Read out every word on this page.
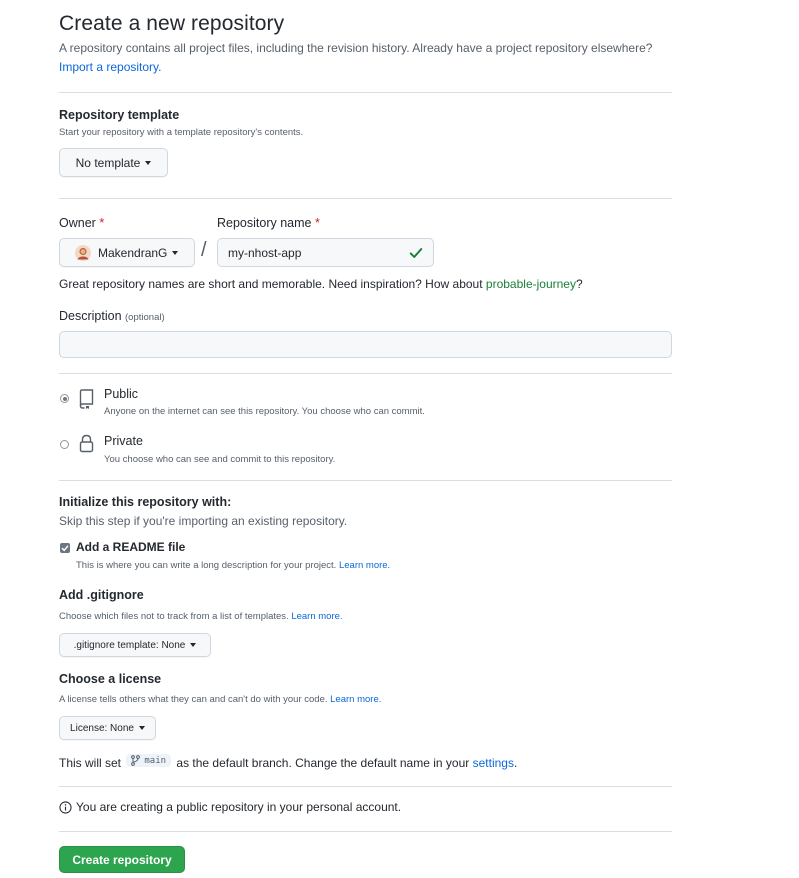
Create a new repository
A repository contains all project files, including the revision history. Already have a project repository elsewhere?
Import a repository.
Repository template
Start your repository with a template repository's contents.
No template
Owner *	Repository name *
MakendranG / my-nhost-app
Great repository names are short and memorable. Need inspiration? How about probable-journey?
Description (optional)
Public
Anyone on the internet can see this repository. You choose who can commit.
Private
You choose who can see and commit to this repository.
Initialize this repository with:
Skip this step if you're importing an existing repository.
Add a README file
This is where you can write a long description for your project. Learn more.
Add .gitignore
Choose which files not to track from a list of templates. Learn more.
.gitignore template: None
Choose a license
A license tells others what they can and can't do with your code. Learn more.
License: None
This will set	main as the default branch. Change the default name in your settings.
You are creating a public repository in your personal account.
Create repository
